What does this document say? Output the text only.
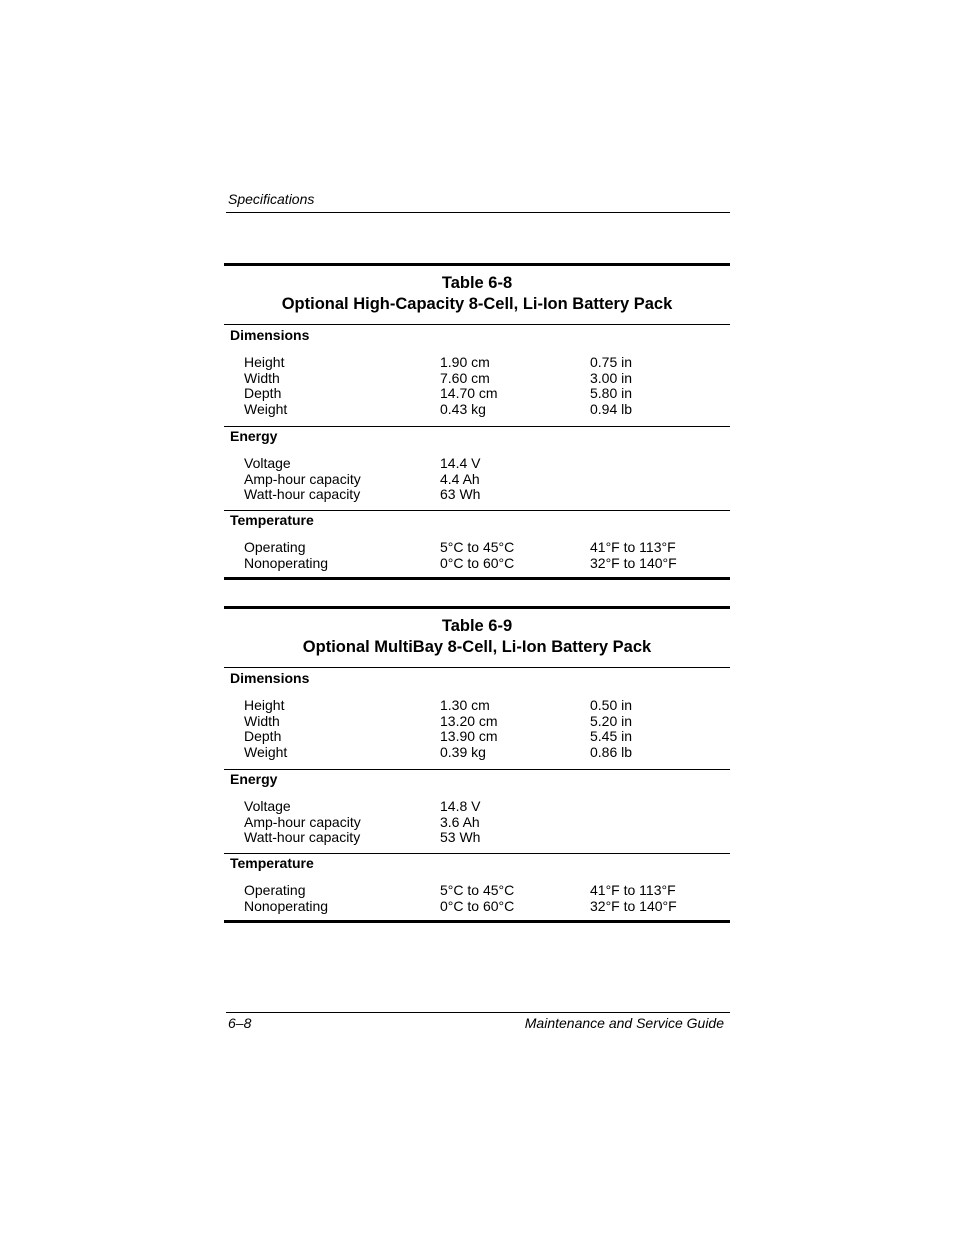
Specifications
Table 6-8
Optional High-Capacity 8-Cell, Li-Ion Battery Pack
Dimensions
Height	1.90 cm	0.75 in
Width	7.60 cm	3.00 in
Depth	14.70 cm	5.80 in
Weight	0.43 kg	0.94 lb
Energy
Voltage	14.4 V
Amp-hour capacity	4.4 Ah
Watt-hour capacity	63 Wh
Temperature
Operating	5°C to 45°C	41°F to 113°F
Nonoperating	0°C to 60°C	32°F to 140°F
Table 6-9
Optional MultiBay 8-Cell, Li-Ion Battery Pack
Dimensions
Height	1.30 cm	0.50 in
Width	13.20 cm	5.20 in
Depth	13.90 cm	5.45 in
Weight	0.39 kg	0.86 lb
Energy
Voltage	14.8 V
Amp-hour capacity	3.6 Ah
Watt-hour capacity	53 Wh
Temperature
Operating	5°C to 45°C	41°F to 113°F
Nonoperating	0°C to 60°C	32°F to 140°F
6–8	Maintenance and Service Guide
